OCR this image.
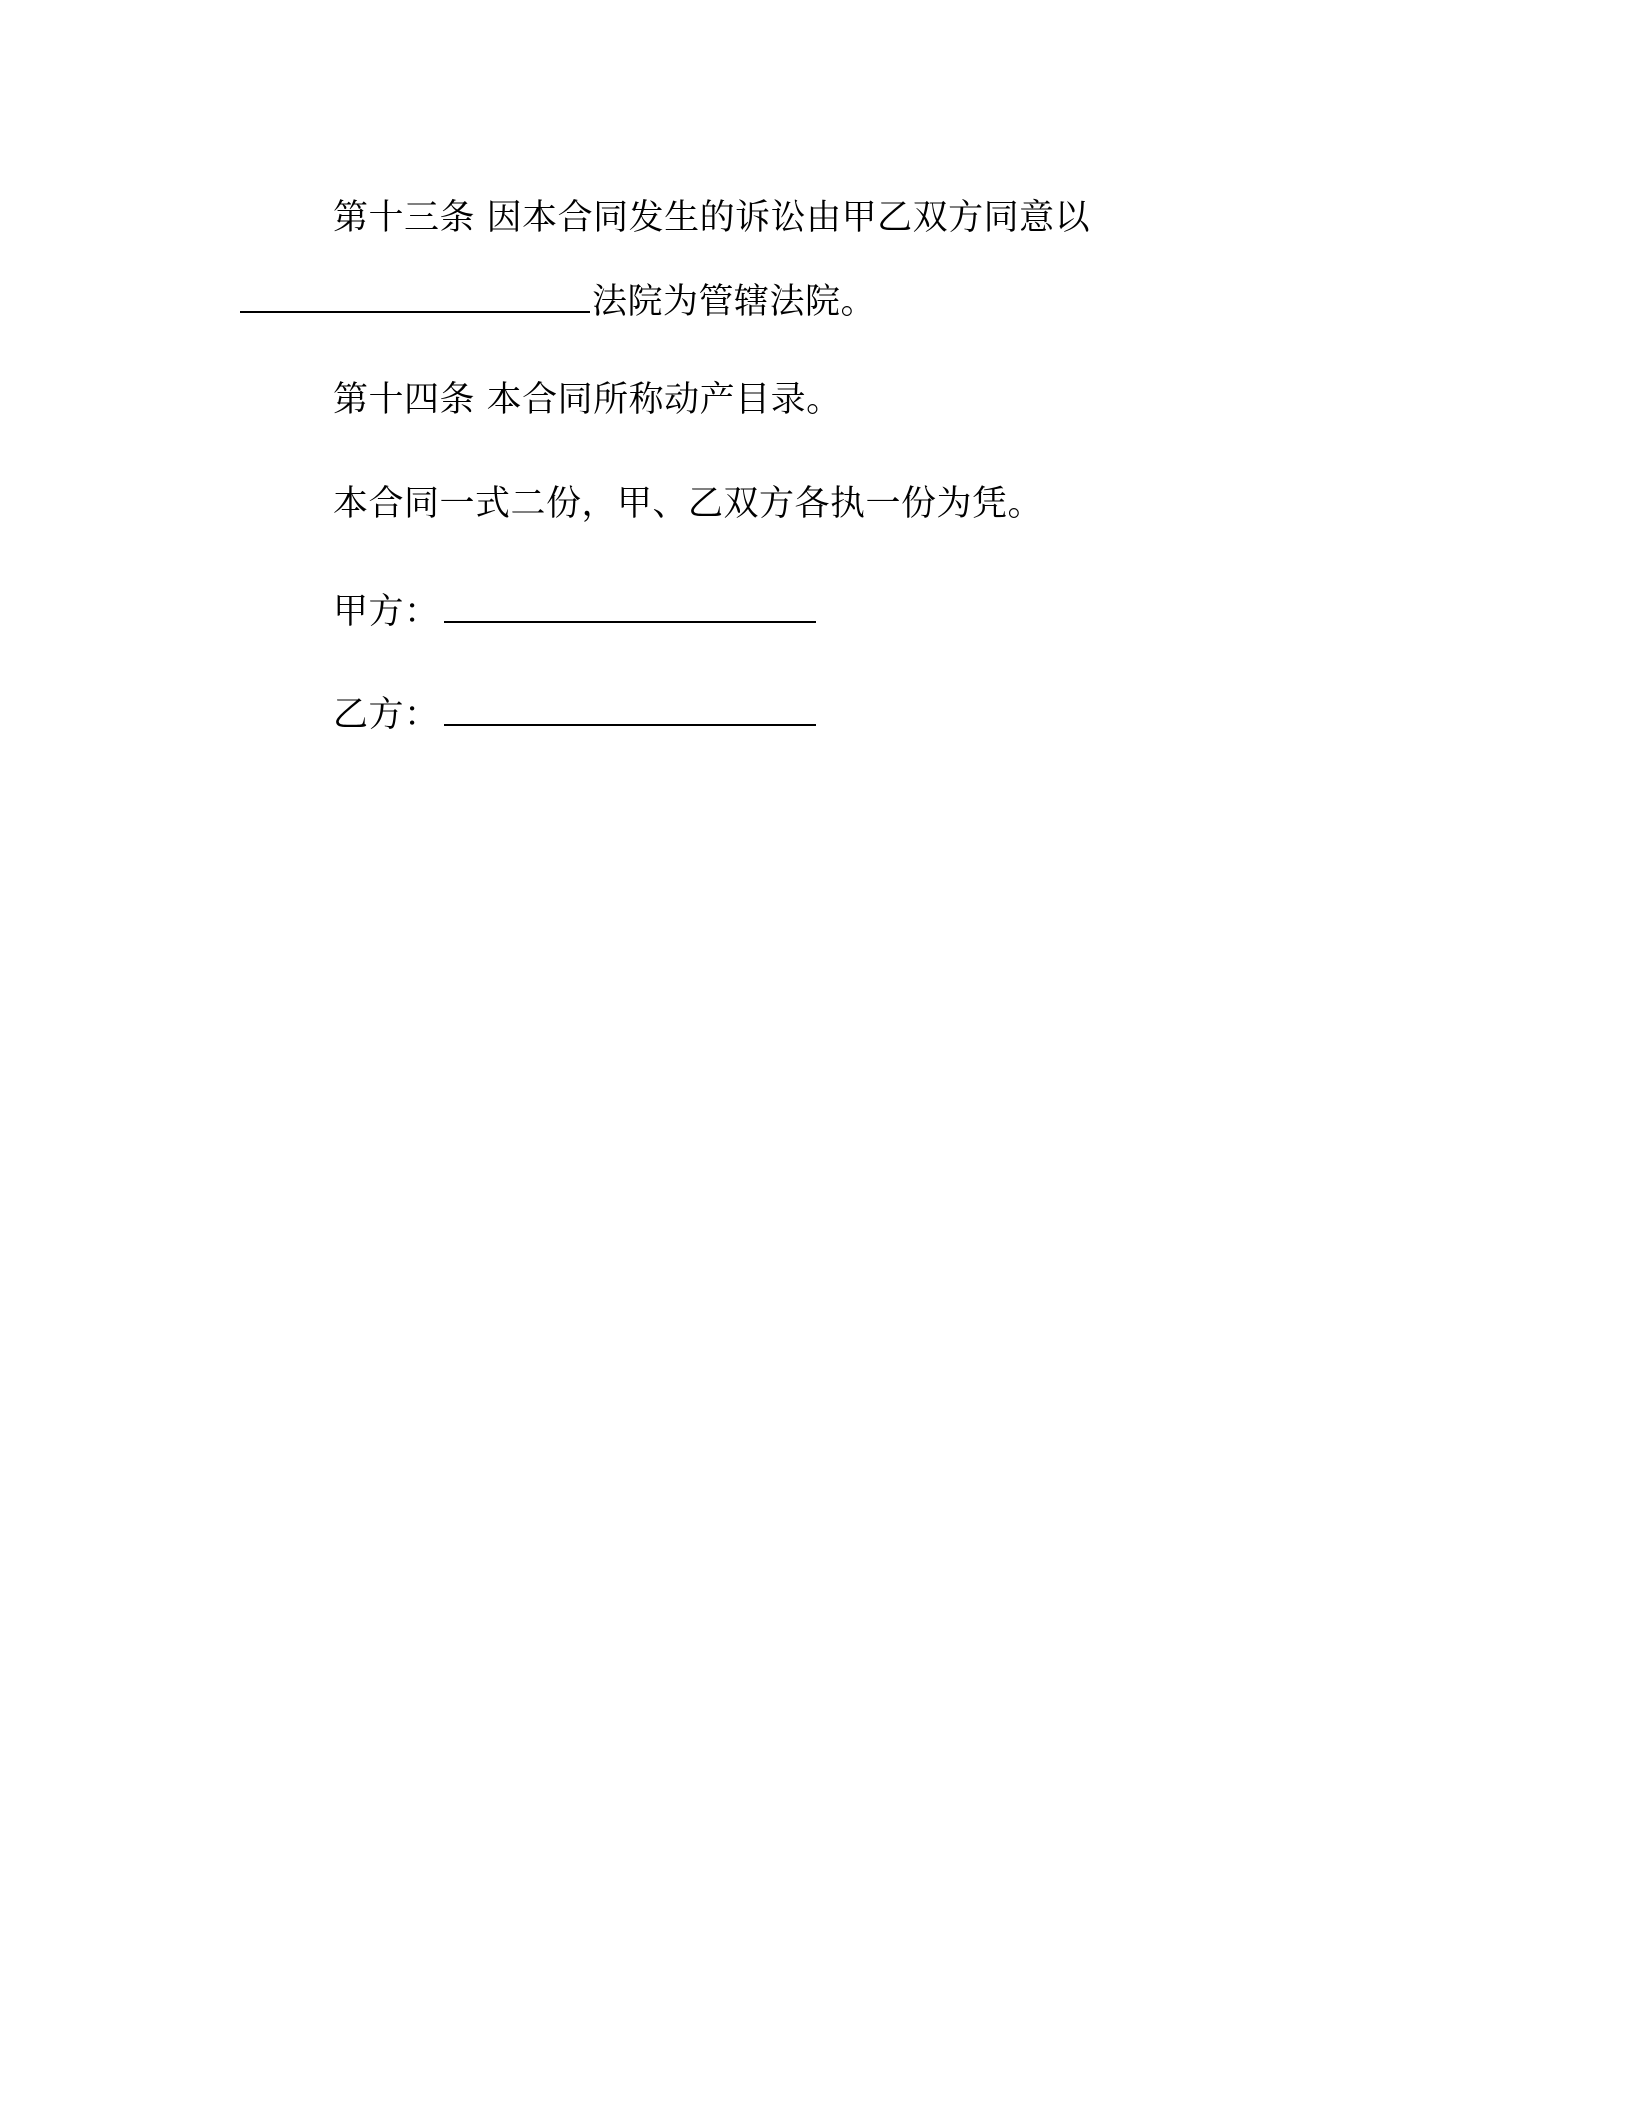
第十三条 因本合同发生的诉讼由甲乙双方同意以
法院为管辖法院。
第十四条 本合同所称动产目录。
本合同一式二份，甲、乙双方各执一份为凭。
甲方：
乙方：
